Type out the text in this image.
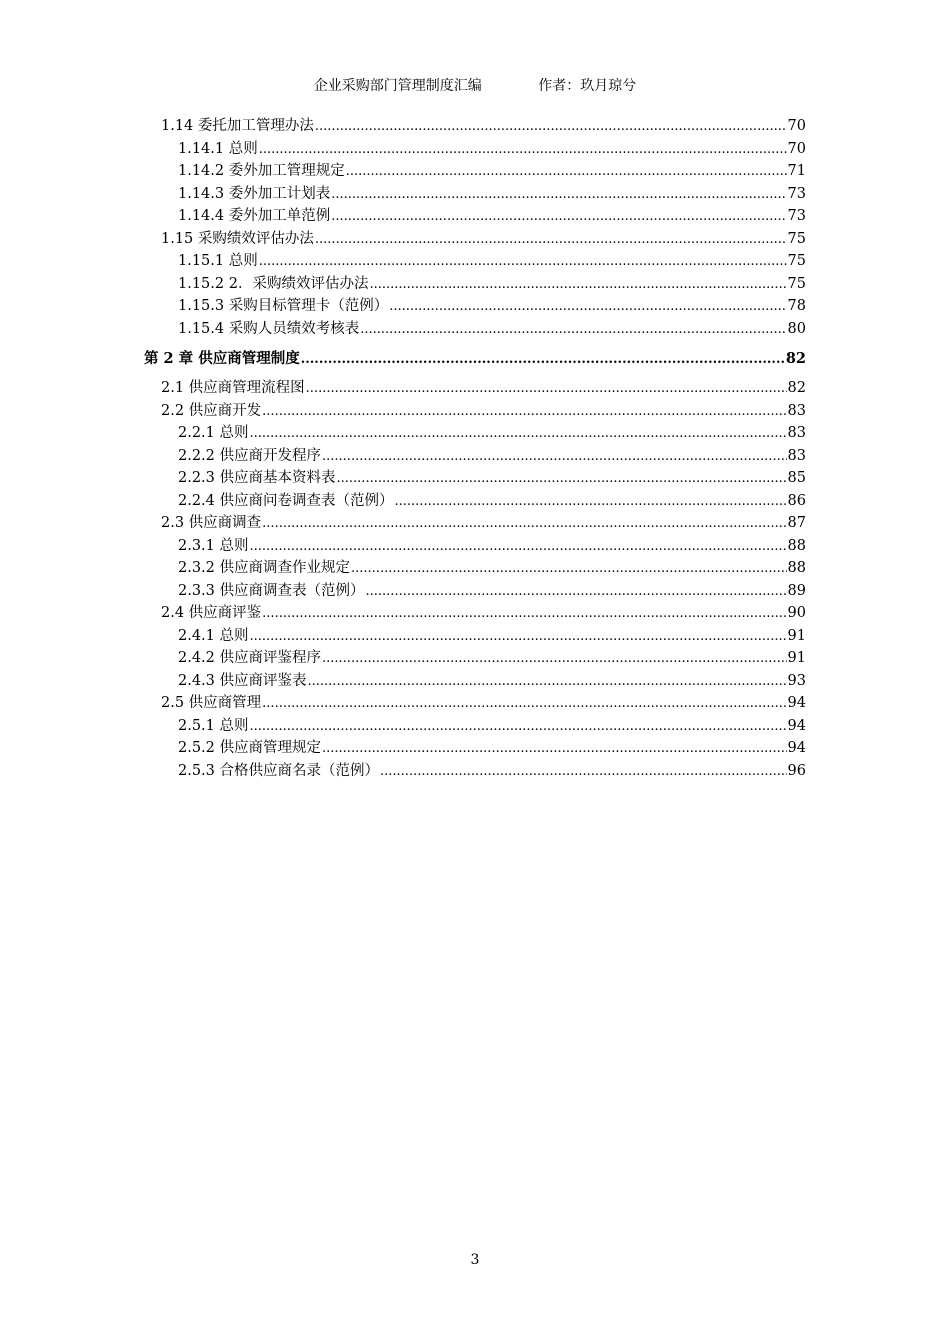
企业采购部门管理制度汇编	作者：玖月琼兮
1.14 委托加工管理办法 .....	70
1.14.1 总则 .....	70
1.14.2 委外加工管理规定 .....	71
1.14.3 委外加工计划表 .....	73
1.14.4 委外加工单范例 .....	73
1.15 采购绩效评估办法 .....	75
1.15.1 总则 .....	75
1.15.2 2．采购绩效评估办法 .....	75
1.15.3 采购目标管理卡（范例） .....	78
1.15.4 采购人员绩效考核表 .....	80
第 2 章 供应商管理制度 .....	82
2.1 供应商管理流程图 .....	82
2.2 供应商开发 .....	83
2.2.1 总则 .....	83
2.2.2 供应商开发程序 .....	83
2.2.3 供应商基本资料表 .....	85
2.2.4 供应商问卷调查表（范例） .....	86
2.3 供应商调查 .....	87
2.3.1 总则 .....	88
2.3.2 供应商调查作业规定 .....	88
2.3.3 供应商调查表（范例） .....	89
2.4 供应商评鉴 .....	90
2.4.1 总则 .....	91
2.4.2 供应商评鉴程序 .....	91
2.4.3 供应商评鉴表 .....	93
2.5 供应商管理 .....	94
2.5.1 总则 .....	94
2.5.2 供应商管理规定 .....	94
2.5.3 合格供应商名录（范例） .....	96
3
